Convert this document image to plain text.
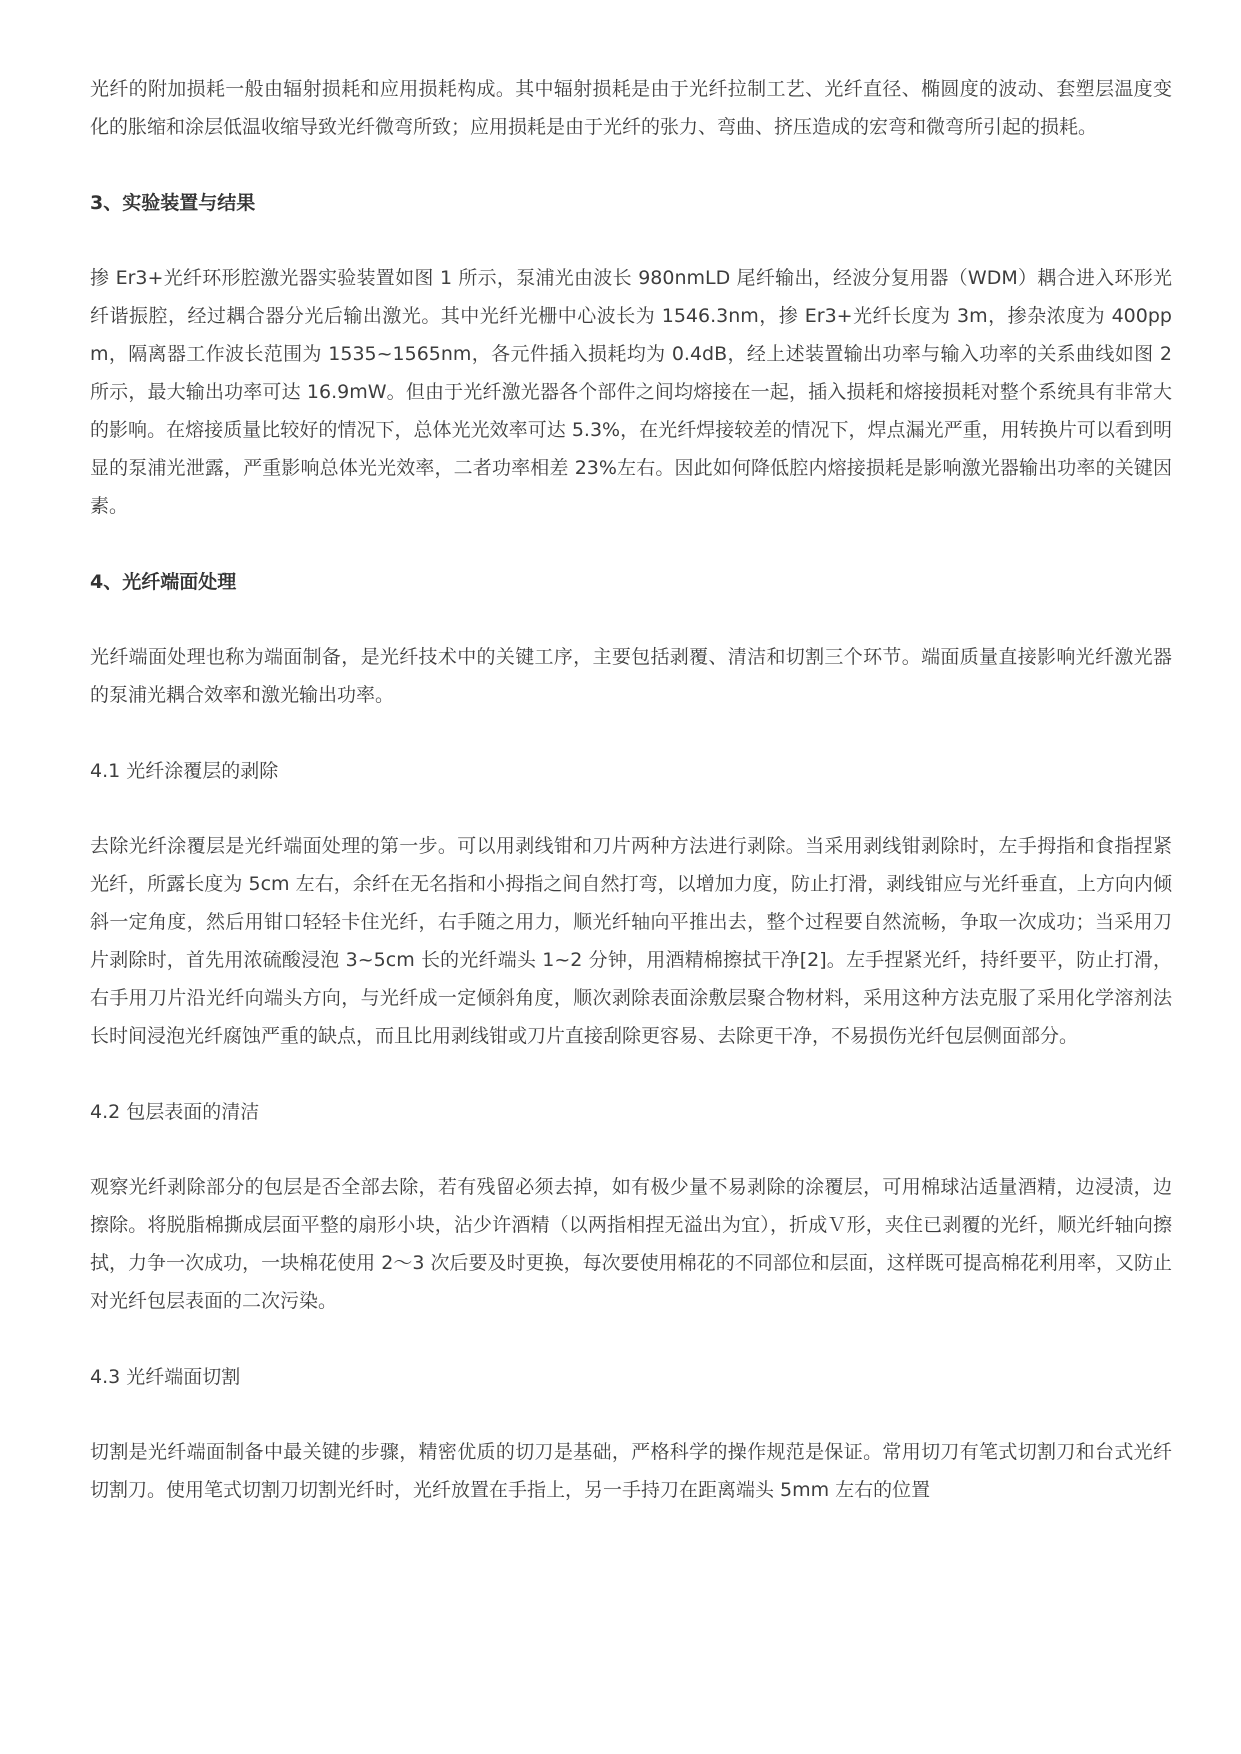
光纤的附加损耗一般由辐射损耗和应用损耗构成。其中辐射损耗是由于光纤拉制工艺、光纤直径、椭圆度的波动、套塑层温度变化的胀缩和涂层低温收缩导致光纤微弯所致；应用损耗是由于光纤的张力、弯曲、挤压造成的宏弯和微弯所引起的损耗。

3、实验装置与结果

掺 Er3+光纤环形腔激光器实验装置如图 1 所示，泵浦光由波长 980nmLD 尾纤输出，经波分复用器（WDM）耦合进入环形光纤谐振腔，经过耦合器分光后输出激光。其中光纤光栅中心波长为 1546.3nm，掺 Er3+光纤长度为 3m，掺杂浓度为 400ppm，隔离器工作波长范围为 1535~1565nm，各元件插入损耗均为 0.4dB，经上述装置输出功率与输入功率的关系曲线如图 2 所示，最大输出功率可达 16.9mW。但由于光纤激光器各个部件之间均熔接在一起，插入损耗和熔接损耗对整个系统具有非常大的影响。在熔接质量比较好的情况下，总体光光效率可达 5.3%，在光纤焊接较差的情况下，焊点漏光严重，用转换片可以看到明显的泵浦光泄露，严重影响总体光光效率，二者功率相差 23%左右。因此如何降低腔内熔接损耗是影响激光器输出功率的关键因素。

4、光纤端面处理

光纤端面处理也称为端面制备，是光纤技术中的关键工序，主要包括剥覆、清洁和切割三个环节。端面质量直接影响光纤激光器的泵浦光耦合效率和激光输出功率。

4.1 光纤涂覆层的剥除

去除光纤涂覆层是光纤端面处理的第一步。可以用剥线钳和刀片两种方法进行剥除。当采用剥线钳剥除时，左手拇指和食指捏紧光纤，所露长度为 5cm 左右，余纤在无名指和小拇指之间自然打弯，以增加力度，防止打滑，剥线钳应与光纤垂直，上方向内倾斜一定角度，然后用钳口轻轻卡住光纤，右手随之用力，顺光纤轴向平推出去，整个过程要自然流畅，争取一次成功；当采用刀片剥除时，首先用浓硫酸浸泡 3~5cm 长的光纤端头 1~2 分钟，用酒精棉擦拭干净[2]。左手捏紧光纤，持纤要平，防止打滑，右手用刀片沿光纤向端头方向，与光纤成一定倾斜角度，顺次剥除表面涂敷层聚合物材料，采用这种方法克服了采用化学溶剂法长时间浸泡光纤腐蚀严重的缺点，而且比用剥线钳或刀片直接刮除更容易、去除更干净，不易损伤光纤包层侧面部分。

4.2 包层表面的清洁

观察光纤剥除部分的包层是否全部去除，若有残留必须去掉，如有极少量不易剥除的涂覆层，可用棉球沾适量酒精，边浸渍，边擦除。将脱脂棉撕成层面平整的扇形小块，沾少许酒精（以两指相捏无溢出为宜），折成Ｖ形，夹住已剥覆的光纤，顺光纤轴向擦拭，力争一次成功，一块棉花使用 2～3 次后要及时更换，每次要使用棉花的不同部位和层面，这样既可提高棉花利用率，又防止对光纤包层表面的二次污染。

4.3 光纤端面切割

切割是光纤端面制备中最关键的步骤，精密优质的切刀是基础，严格科学的操作规范是保证。常用切刀有笔式切割刀和台式光纤切割刀。使用笔式切割刀切割光纤时，光纤放置在手指上，另一手持刀在距离端头 5mm 左右的位置
